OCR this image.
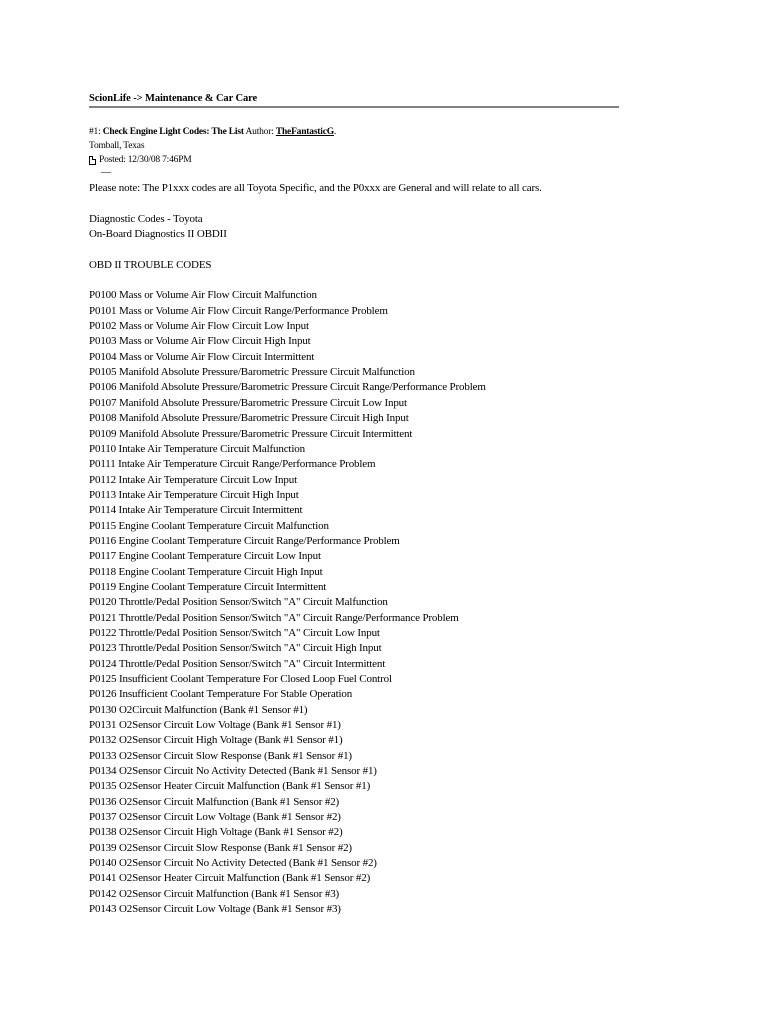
ScionLife -> Maintenance & Car Care
#1: Check Engine Light Codes: The List Author: TheFantasticG.
Tomball, Texas
Posted: 12/30/08 7:46PM
—

Please note: The P1xxx codes are all Toyota Specific, and the P0xxx are General and will relate to all cars.

Diagnostic Codes - Toyota

On-Board Diagnostics II OBDII

OBD II TROUBLE CODES

P0100 Mass or Volume Air Flow Circuit Malfunction
P0101 Mass or Volume Air Flow Circuit Range/Performance Problem
P0102 Mass or Volume Air Flow Circuit Low Input
P0103 Mass or Volume Air Flow Circuit High Input
P0104 Mass or Volume Air Flow Circuit Intermittent
P0105 Manifold Absolute Pressure/Barometric Pressure Circuit Malfunction
P0106 Manifold Absolute Pressure/Barometric Pressure Circuit Range/Performance Problem
P0107 Manifold Absolute Pressure/Barometric Pressure Circuit Low Input
P0108 Manifold Absolute Pressure/Barometric Pressure Circuit High Input
P0109 Manifold Absolute Pressure/Barometric Pressure Circuit Intermittent
P0110 Intake Air Temperature Circuit Malfunction
P0111 Intake Air Temperature Circuit Range/Performance Problem
P0112 Intake Air Temperature Circuit Low Input
P0113 Intake Air Temperature Circuit High Input
P0114 Intake Air Temperature Circuit Intermittent
P0115 Engine Coolant Temperature Circuit Malfunction
P0116 Engine Coolant Temperature Circuit Range/Performance Problem
P0117 Engine Coolant Temperature Circuit Low Input
P0118 Engine Coolant Temperature Circuit High Input
P0119 Engine Coolant Temperature Circuit Intermittent
P0120 Throttle/Pedal Position Sensor/Switch "A" Circuit Malfunction
P0121 Throttle/Pedal Position Sensor/Switch "A" Circuit Range/Performance Problem
P0122 Throttle/Pedal Position Sensor/Switch "A" Circuit Low Input
P0123 Throttle/Pedal Position Sensor/Switch "A" Circuit High Input
P0124 Throttle/Pedal Position Sensor/Switch "A" Circuit Intermittent
P0125 Insufficient Coolant Temperature For Closed Loop Fuel Control
P0126 Insufficient Coolant Temperature For Stable Operation
P0130 O2Circuit Malfunction (Bank #1 Sensor #1)
P0131 O2Sensor Circuit Low Voltage (Bank #1 Sensor #1)
P0132 O2Sensor Circuit High Voltage (Bank #1 Sensor #1)
P0133 O2Sensor Circuit Slow Response (Bank #1 Sensor #1)
P0134 O2Sensor Circuit No Activity Detected (Bank #1 Sensor #1)
P0135 O2Sensor Heater Circuit Malfunction (Bank #1 Sensor #1)
P0136 O2Sensor Circuit Malfunction (Bank #1 Sensor #2)
P0137 O2Sensor Circuit Low Voltage (Bank #1 Sensor #2)
P0138 O2Sensor Circuit High Voltage (Bank #1 Sensor #2)
P0139 O2Sensor Circuit Slow Response (Bank #1 Sensor #2)
P0140 O2Sensor Circuit No Activity Detected (Bank #1 Sensor #2)
P0141 O2Sensor Heater Circuit Malfunction (Bank #1 Sensor #2)
P0142 O2Sensor Circuit Malfunction (Bank #1 Sensor #3)
P0143 O2Sensor Circuit Low Voltage (Bank #1 Sensor #3)
